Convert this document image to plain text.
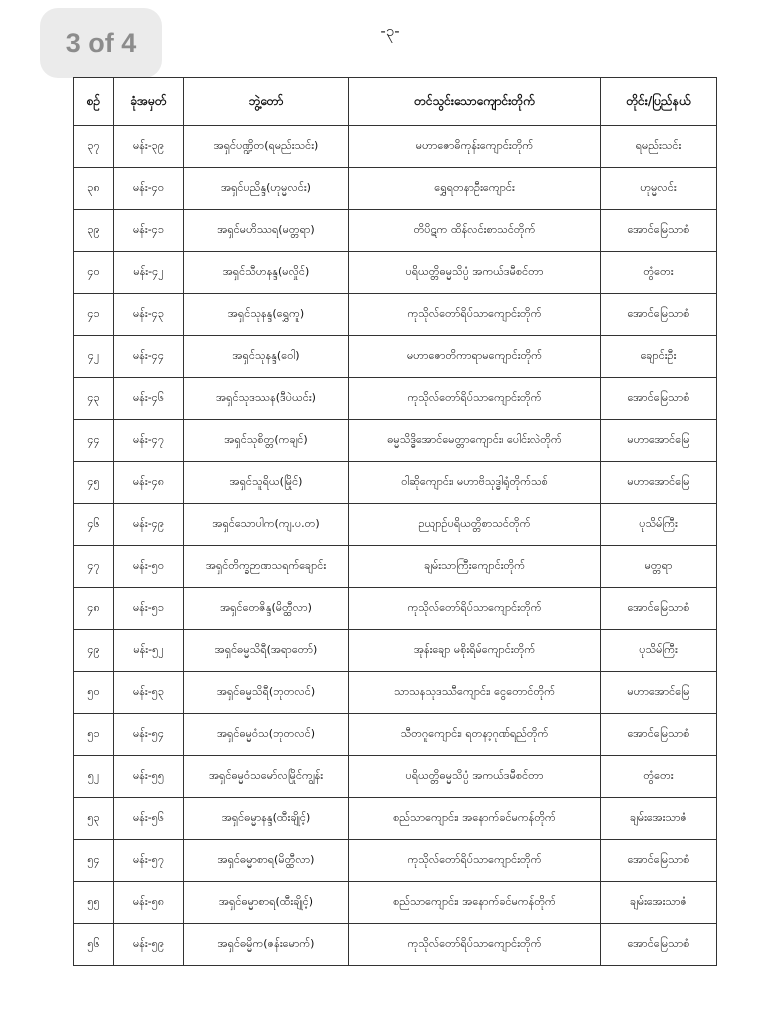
3 of 4	-၃-
စဉ်	ခုံအမှတ်	ဘွဲ့တော်	တင်သွင်းသောကျောင်းတိုက်	တိုင်း/ပြည်နယ်
၃၇	မန်း-၃၉	အရှင်ပဏ္ဍိတ(ရမည်းသင်း)	မဟာဇောဓိကုန်းကျောင်းတိုက်	ရမည်းသင်း
၃၈	မန်း-၄၀	အရှင်ပညိန္ဒ(ဟုမ္မလင်း)	ရွှေရတနာဦးကျောင်း	ဟုမ္မလင်း
၃၉	မန်း-၄၁	အရှင်မဟိဿရ(မတ္တရာ)	တိပိဋက ထိန်လင်းစာသင်တိုက်	အောင်မြေသာစံ
၄၀	မန်း-၄၂	အရှင်သီဟနန္ဒ(မလှိုင်)	ပရိယတ္တိဓမ္မသိပ္ပံ အကယ်ဒမီစင်တာ	တွံတေး
၄၁	မန်း-၄၃	အရှင်သုနန္ဒ(ရွှေကူ)	ကုသိုလ်တော်ရိပ်သာကျောင်းတိုက်	အောင်မြေသာစံ
၄၂	မန်း-၄၄	အရှင်သုနန္ဒ(ဝေါ)	မဟာဇောတိကာရာမကျောင်းတိုက်	ချောင်းဦး
၄၃	မန်း-၄၆	အရှင်သုဒဿန(ဒီပဲယင်း)	ကုသိုလ်တော်ရိပ်သာကျောင်းတိုက်	အောင်မြေသာစံ
၄၄	မန်း-၄၇	အရှင်သုစိတ္တ(ကချင်)	ဓမ္မသိဒ္ဓိအောင်မေတ္တာကျောင်း၊ ပေါင်းလဲတိုက်	မဟာအောင်မြေ
၄၅	မန်း-၄၈	အရှင်သူရိယ(မြိုင်)	ဝါဆိုကျောင်း၊ မဟာဗိသုဒ္ဓါရုံတိုက်သစ်	မဟာအောင်မြေ
၄၆	မန်း-၄၉	အရှင်သောပါက(ကျ.ပ.တ)	ဉယျာဉ်ပရိယတ္တိစာသင်တိုက်	ပုသိမ်ကြီး
၄၇	မန်း-၅၀	အရှင်တိက္ခဉာဏသရက်ချောင်း	ချမ်းသာကြီးကျောင်းတိုက်	မတ္တရာ
၄၈	မန်း-၅၁	အရှင်တေဇိန္ဒ(မိတ္ထီလာ)	ကုသိုလ်တော်ရိပ်သာကျောင်းတိုက်	အောင်မြေသာစံ
၄၉	မန်း-၅၂	အရှင်ဓမ္မသိရီ(အရာတော်)	အုန်းချော မစိုးရိမ်ကျောင်းတိုက်	ပုသိမ်ကြီး
၅၀	မန်း-၅၃	အရှင်ဓမ္မသိရီ(ဘုတလင်)	သာသနသုဒဿီကျောင်း၊ ငွေတောင်တိုက်	မဟာအောင်မြေ
၅၁	မန်း-၅၄	အရှင်ဓမ္မဝံသ(ဘုတလင်)	သီတဂူကျောင်း၊ ရတနာ့ဂုဏ်ရည်တိုက်	အောင်မြေသာစံ
၅၂	မန်း-၅၅	အရှင်ဓမ္မဝံသမော်လမြိုင်ကျွန်း	ပရိယတ္တိဓမ္မသိပ္ပံ အကယ်ဒမီစင်တာ	တွံတေး
၅၃	မန်း-၅၆	အရှင်ဓမ္မာနန္ဒ(ထီးချိုင့်)	စည်သာကျောင်း၊ အနောက်ခင်မကန်တိုက်	ချမ်းအေးသာဇံ
၅၄	မန်း-၅၇	အရှင်ဓမ္မာစာရ(မိတ္ထီလာ)	ကုသိုလ်တော်ရိပ်သာကျောင်းတိုက်	အောင်မြေသာစံ
၅၅	မန်း-၅၈	အရှင်ဓမ္မာစာရ(ထီးချိုင့်)	စည်သာကျောင်း၊ အနောက်ခင်မကန်တိုက်	ချမ်းအေးသာဇံ
၅၆	မန်း-၅၉	အရှင်ဓမ္မိက(ဇန်းမောက်)	ကုသိုလ်တော်ရိပ်သာကျောင်းတိုက်	အောင်မြေသာစံ
